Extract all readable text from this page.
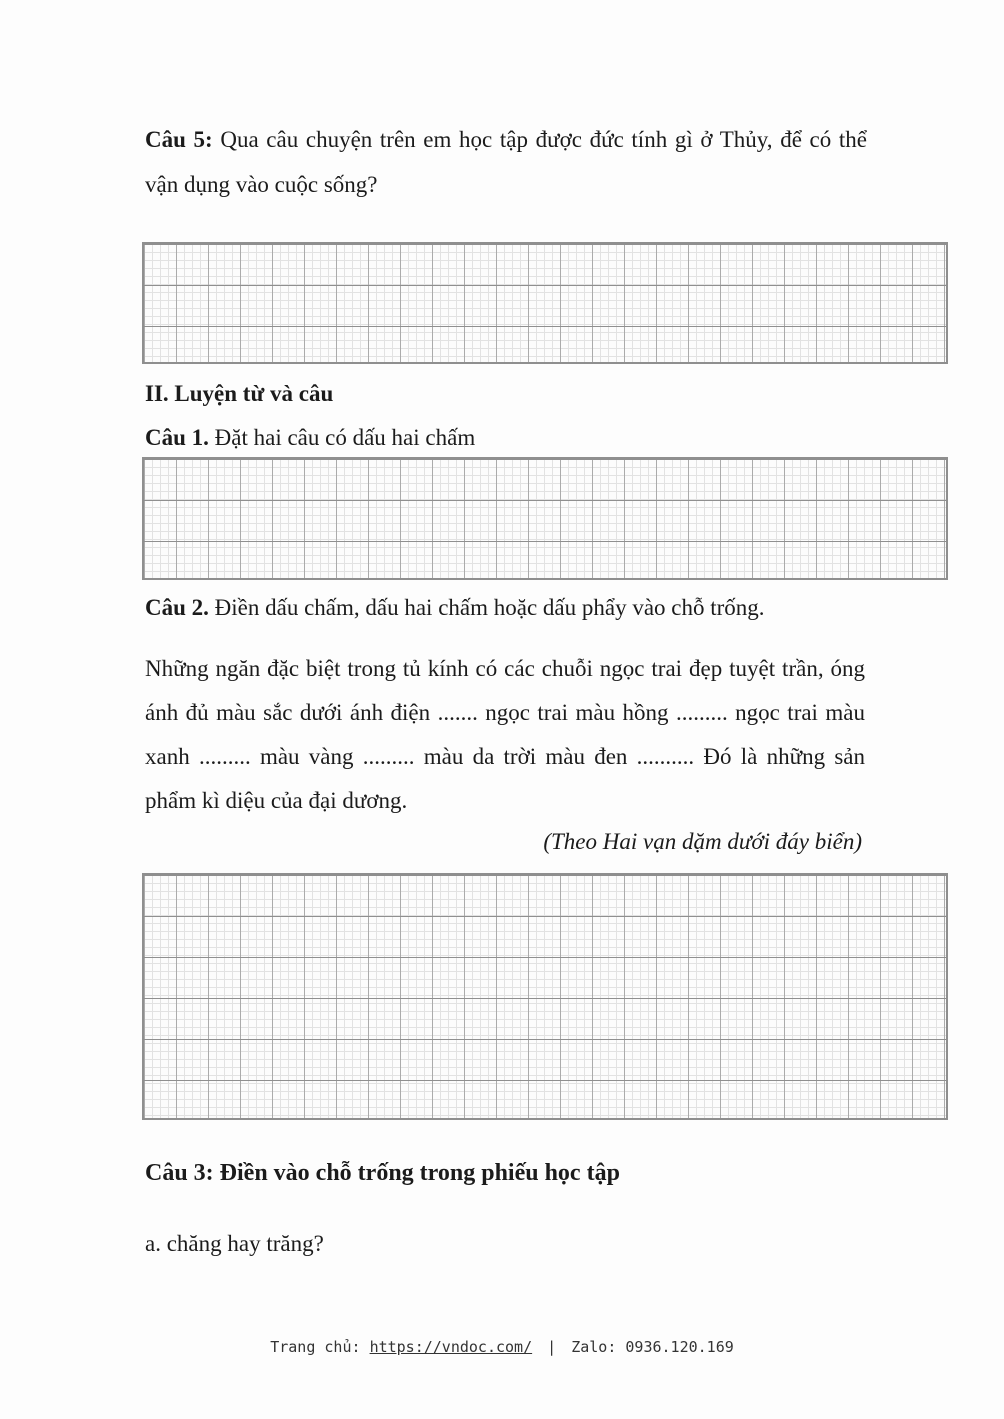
Câu 5: Qua câu chuyện trên em học tập được đức tính gì ở Thủy, để có thể vận dụng vào cuộc sống?

II. Luyện từ và câu

Câu 1. Đặt hai câu có dấu hai chấm

Câu 2. Điền dấu chấm, dấu hai chấm hoặc dấu phẩy vào chỗ trống.

Những ngăn đặc biệt trong tủ kính có các chuỗi ngọc trai đẹp tuyệt trần, óng ánh đủ màu sắc dưới ánh điện ....... ngọc trai màu hồng ......... ngọc trai màu xanh ......... màu vàng ......... màu da trời màu đen .......... Đó là những sản phẩm kì diệu của đại dương.

(Theo Hai vạn dặm dưới đáy biển)

Câu 3: Điền vào chỗ trống trong phiếu học tập

a. chăng hay trăng?

Trang chủ: https://vndoc.com/ | Zalo: 0936.120.169
